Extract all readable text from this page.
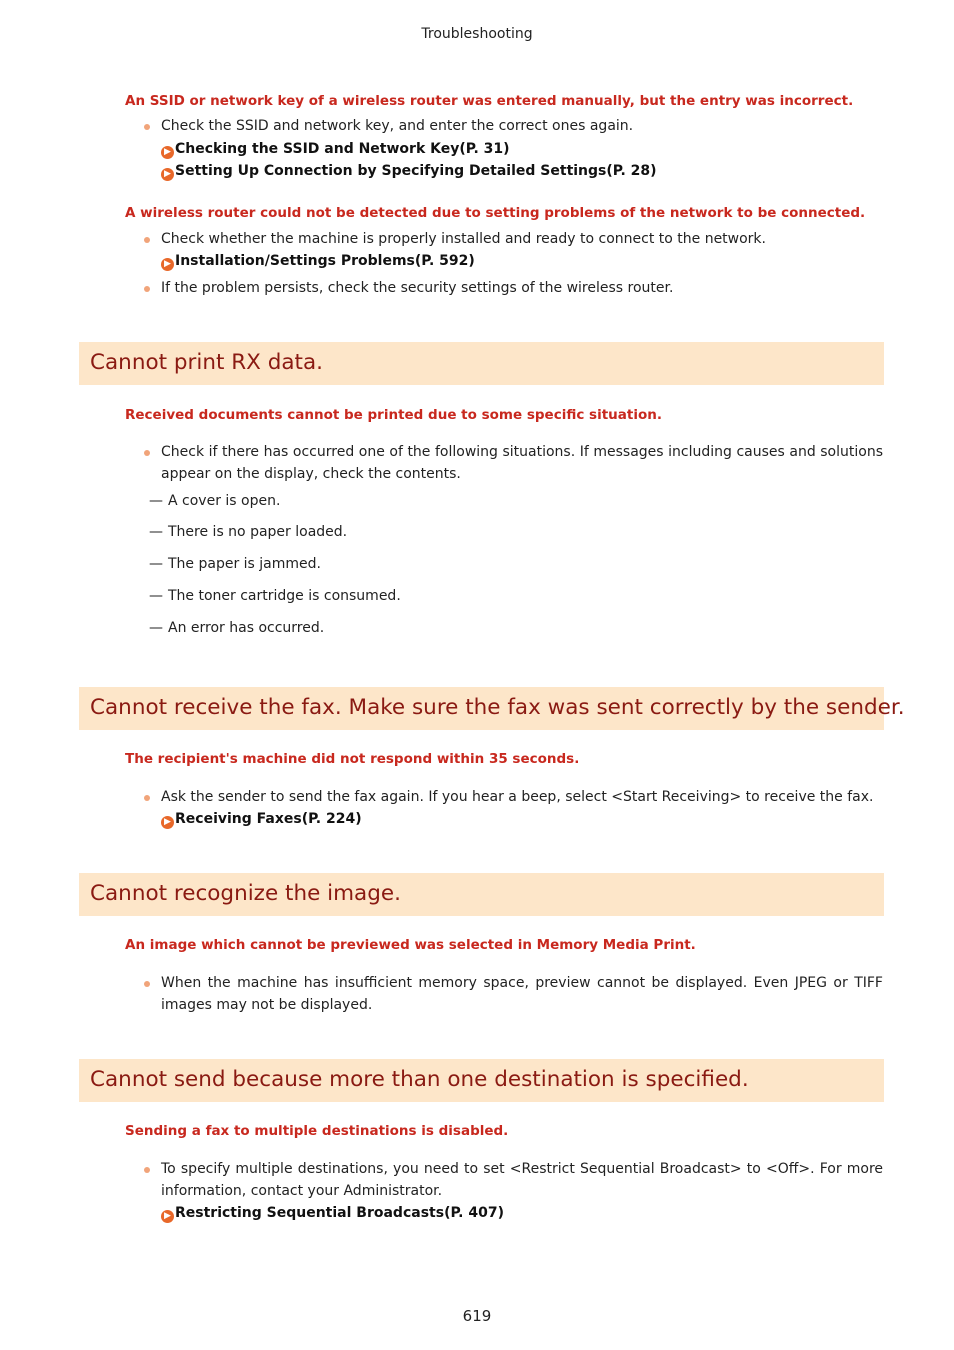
Troubleshooting
An SSID or network key of a wireless router was entered manually, but the entry was incorrect.
Check the SSID and network key, and enter the correct ones again.
▶ Checking the SSID and Network Key(P. 31)
▶ Setting Up Connection by Specifying Detailed Settings(P. 28)
A wireless router could not be detected due to setting problems of the network to be connected.
Check whether the machine is properly installed and ready to connect to the network.
▶ Installation/Settings Problems(P. 592)
If the problem persists, check the security settings of the wireless router.
Cannot print RX data.
Received documents cannot be printed due to some specific situation.
Check if there has occurred one of the following situations. If messages including causes and solutions appear on the display, check the contents.
— A cover is open.
— There is no paper loaded.
— The paper is jammed.
— The toner cartridge is consumed.
— An error has occurred.
Cannot receive the fax. Make sure the fax was sent correctly by the sender.
The recipient's machine did not respond within 35 seconds.
Ask the sender to send the fax again. If you hear a beep, select <Start Receiving> to receive the fax.
▶ Receiving Faxes(P. 224)
Cannot recognize the image.
An image which cannot be previewed was selected in Memory Media Print.
When the machine has insufficient memory space, preview cannot be displayed. Even JPEG or TIFF images may not be displayed.
Cannot send because more than one destination is specified.
Sending a fax to multiple destinations is disabled.
To specify multiple destinations, you need to set <Restrict Sequential Broadcast> to <Off>. For more information, contact your Administrator.
▶ Restricting Sequential Broadcasts(P. 407)
619
